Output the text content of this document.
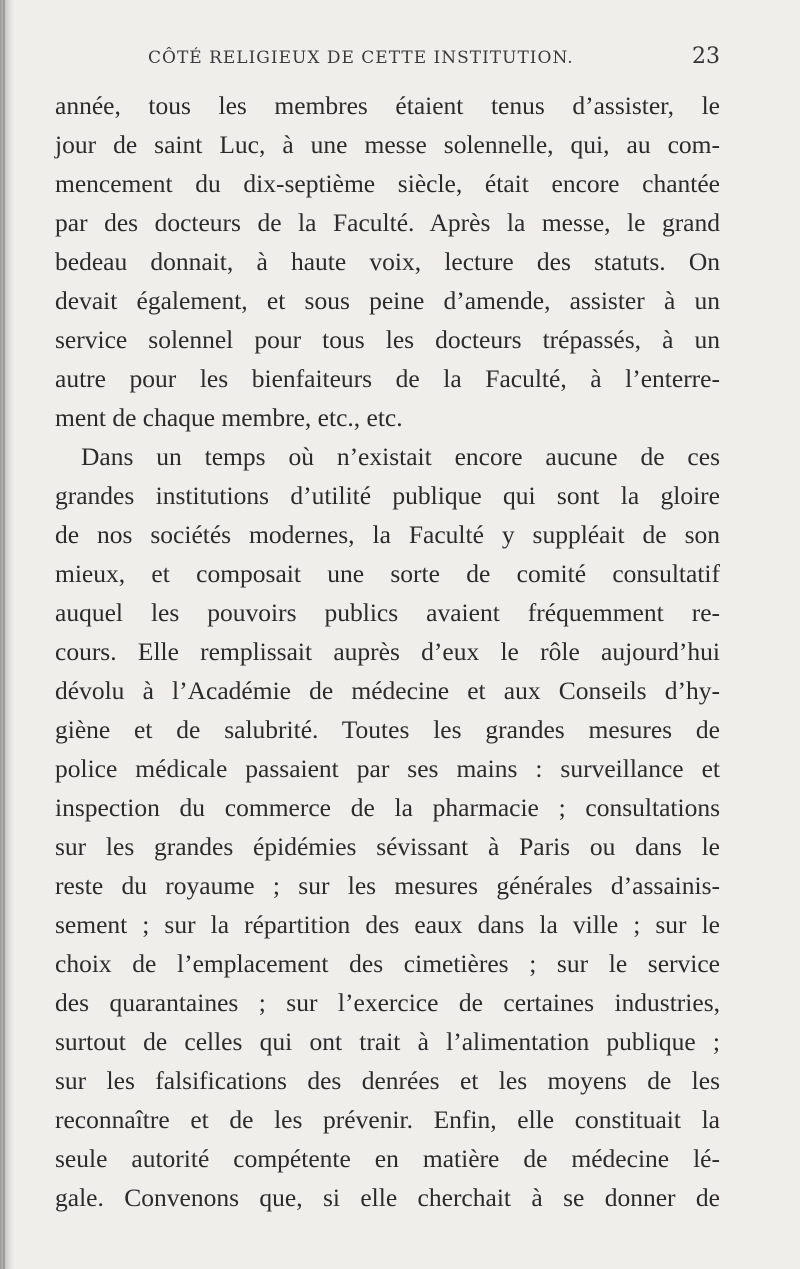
CÔTÉ RELIGIEUX DE CETTE INSTITUTION.	23
année, tous les membres étaient tenus d’assister, le
jour de saint Luc, à une messe solennelle, qui, au com-
mencement du dix-septième siècle, était encore chantée
par des docteurs de la Faculté. Après la messe, le grand
bedeau donnait, à haute voix, lecture des statuts. On
devait également, et sous peine d’amende, assister à un
service solennel pour tous les docteurs trépassés, à un
autre pour les bienfaiteurs de la Faculté, à l’enterre-
ment de chaque membre, etc., etc.
Dans un temps où n’existait encore aucune de ces
grandes institutions d’utilité publique qui sont la gloire
de nos sociétés modernes, la Faculté y suppléait de son
mieux, et composait une sorte de comité consultatif
auquel les pouvoirs publics avaient fréquemment re-
cours. Elle remplissait auprès d’eux le rôle aujourd’hui
dévolu à l’Académie de médecine et aux Conseils d’hy-
giène et de salubrité. Toutes les grandes mesures de
police médicale passaient par ses mains : surveillance et
inspection du commerce de la pharmacie ; consultations
sur les grandes épidémies sévissant à Paris ou dans le
reste du royaume ; sur les mesures générales d’assainis-
sement ; sur la répartition des eaux dans la ville ; sur le
choix de l’emplacement des cimetières ; sur le service
des quarantaines ; sur l’exercice de certaines industries,
surtout de celles qui ont trait à l’alimentation publique ;
sur les falsifications des denrées et les moyens de les
reconnaître et de les prévenir. Enfin, elle constituait la
seule autorité compétente en matière de médecine lé-
gale. Convenons que, si elle cherchait à se donner de
